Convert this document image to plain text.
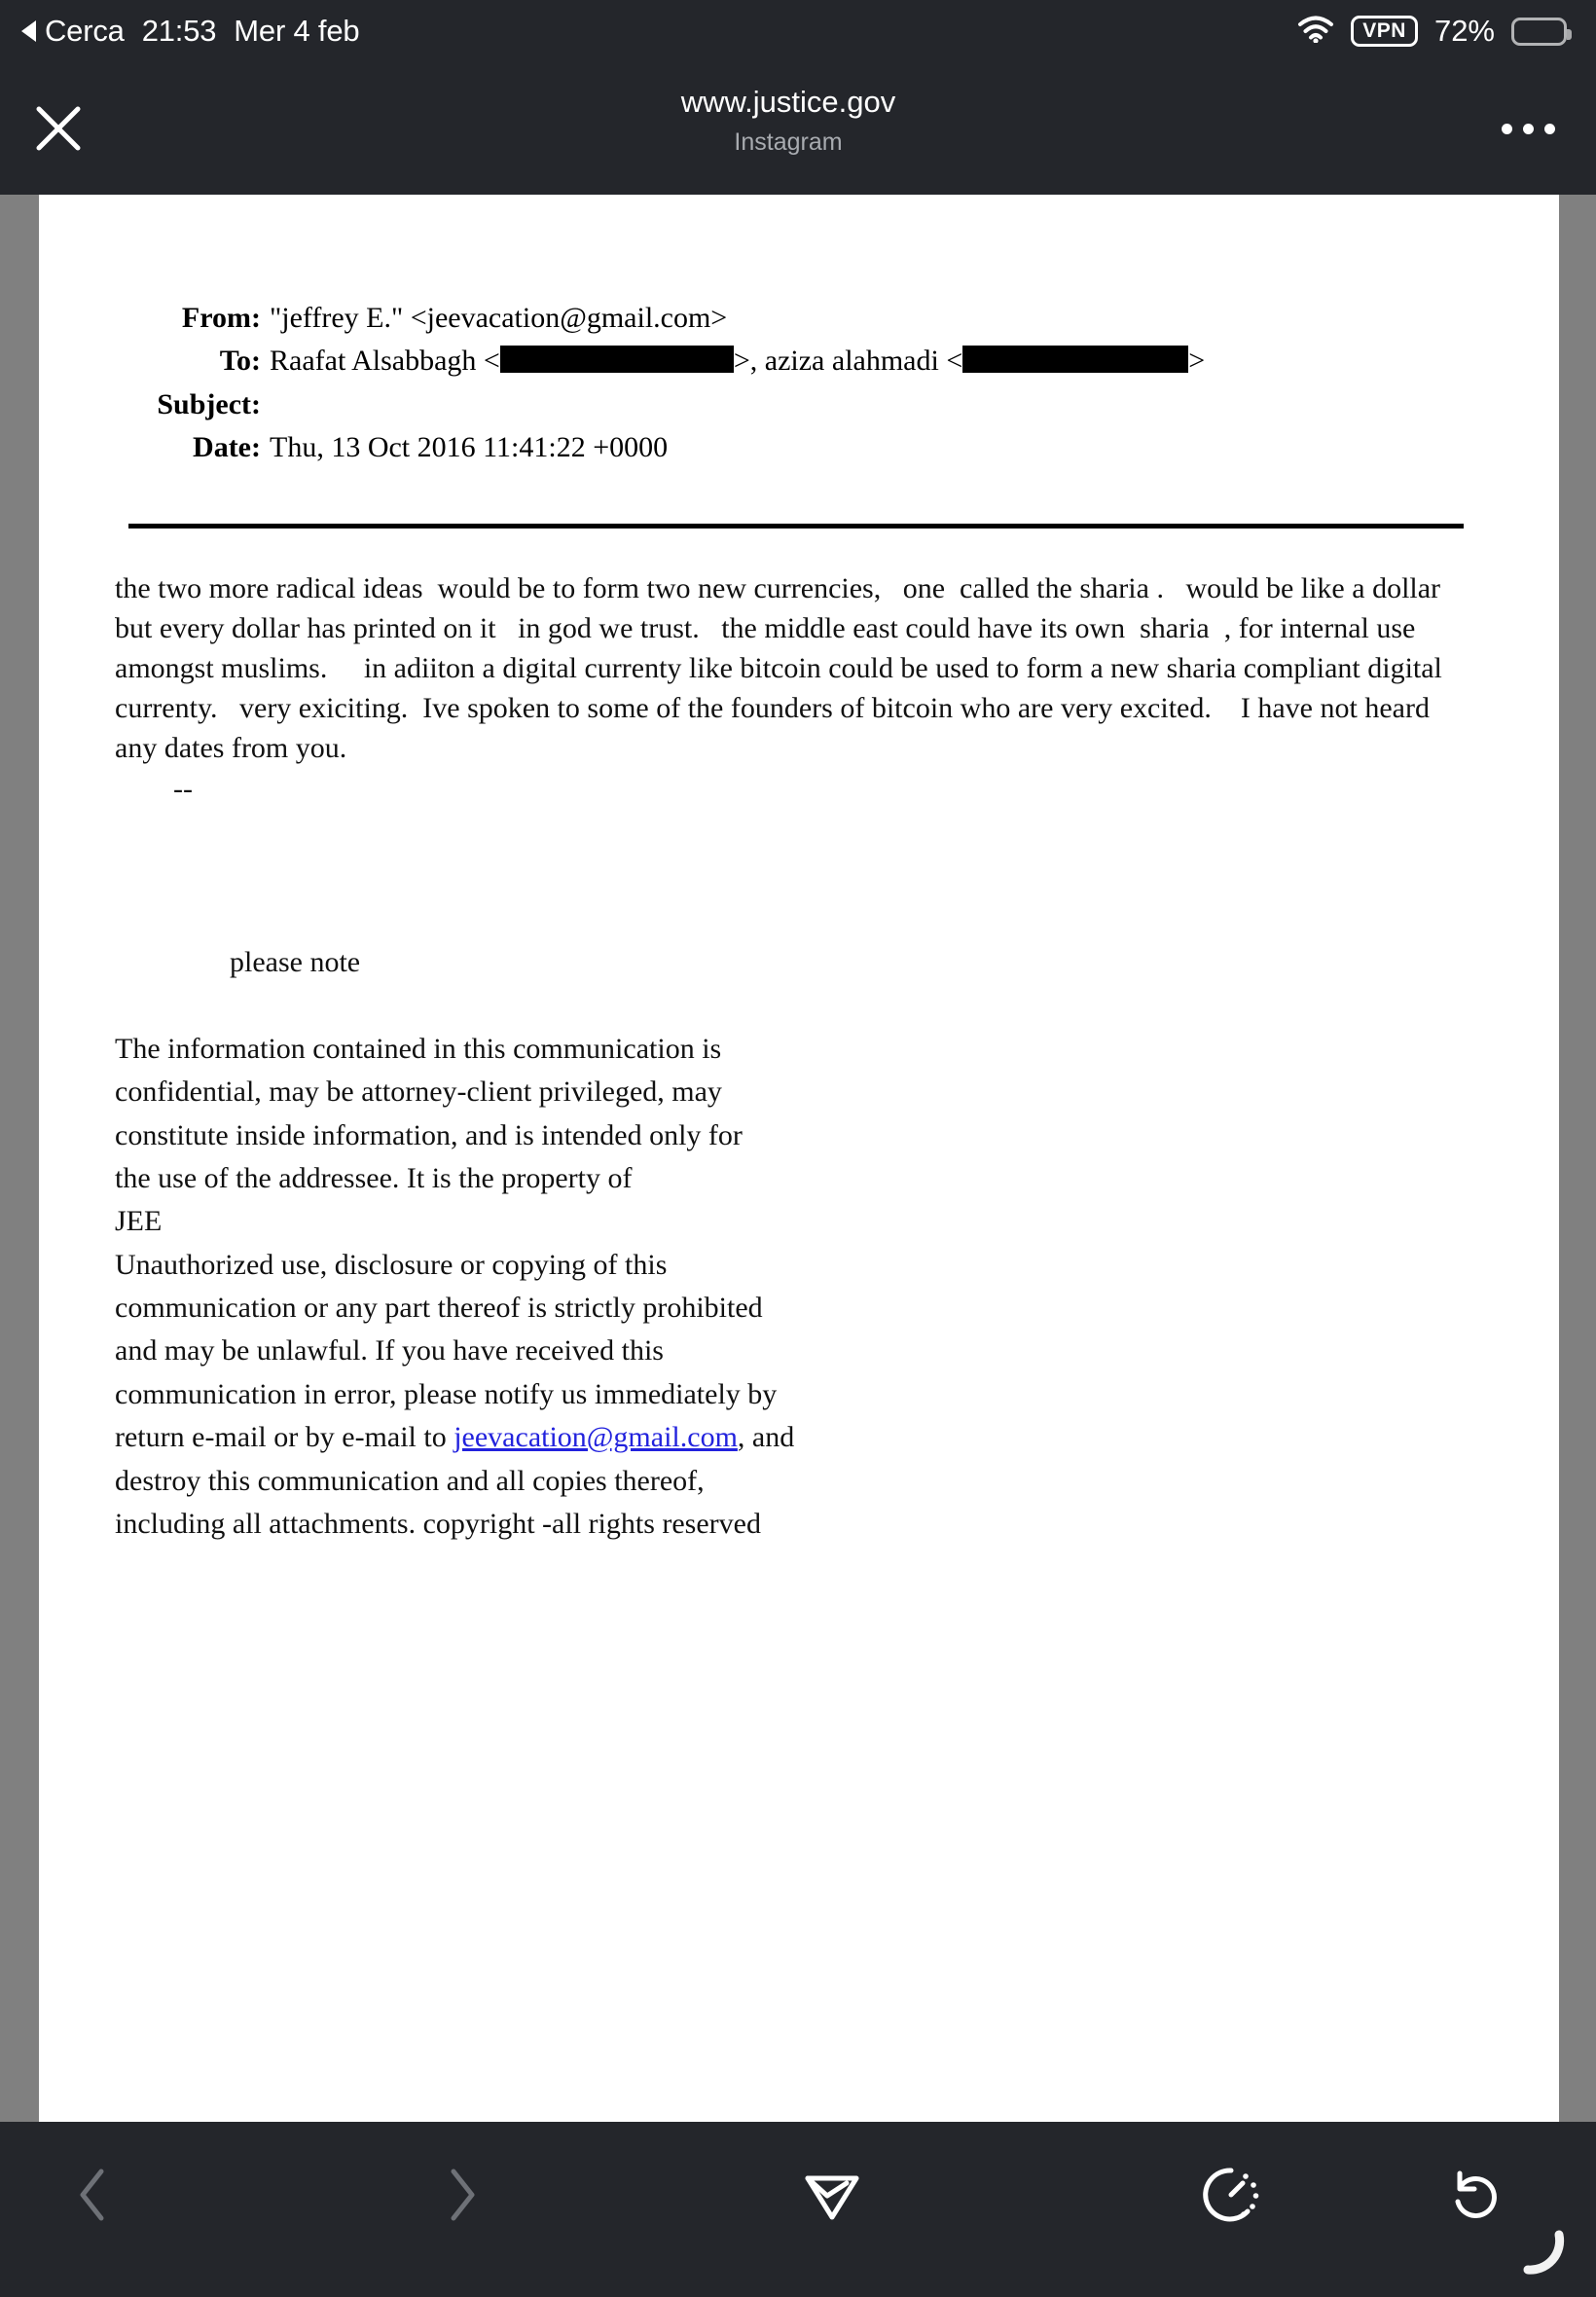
Cerca 21:53 Mer 4 feb	VPN 72%
www.justice.gov
Instagram
From: "jeffrey E." <jeevacation@gmail.com>
To: Raafat Alsabbagh <	>, aziza alahmadi <	>
Subject:
Date: Thu, 13 Oct 2016 11:41:22 +0000
the two more radical ideas  would be to form two new currencies,   one  called the sharia .   would be like a dollar  but every dollar has printed on it   in god we trust.   the middle east could have its own  sharia  , for internal use amongst muslims.     in adiiton a digital currenty like bitcoin could be used to form a new sharia compliant digital currenty.   very exiciting.  Ive spoken to some of the founders of bitcoin who are very excited.    I have not heard any dates from you.

--

please note

The information contained in this communication is
confidential, may be attorney-client privileged, may
constitute inside information, and is intended only for
the use of the addressee. It is the property of
JEE
Unauthorized use, disclosure or copying of this
communication or any part thereof is strictly prohibited
and may be unlawful. If you have received this
communication in error, please notify us immediately by
return e-mail or by e-mail to jeevacation@gmail.com, and
destroy this communication and all copies thereof,
including all attachments. copyright -all rights reserved
